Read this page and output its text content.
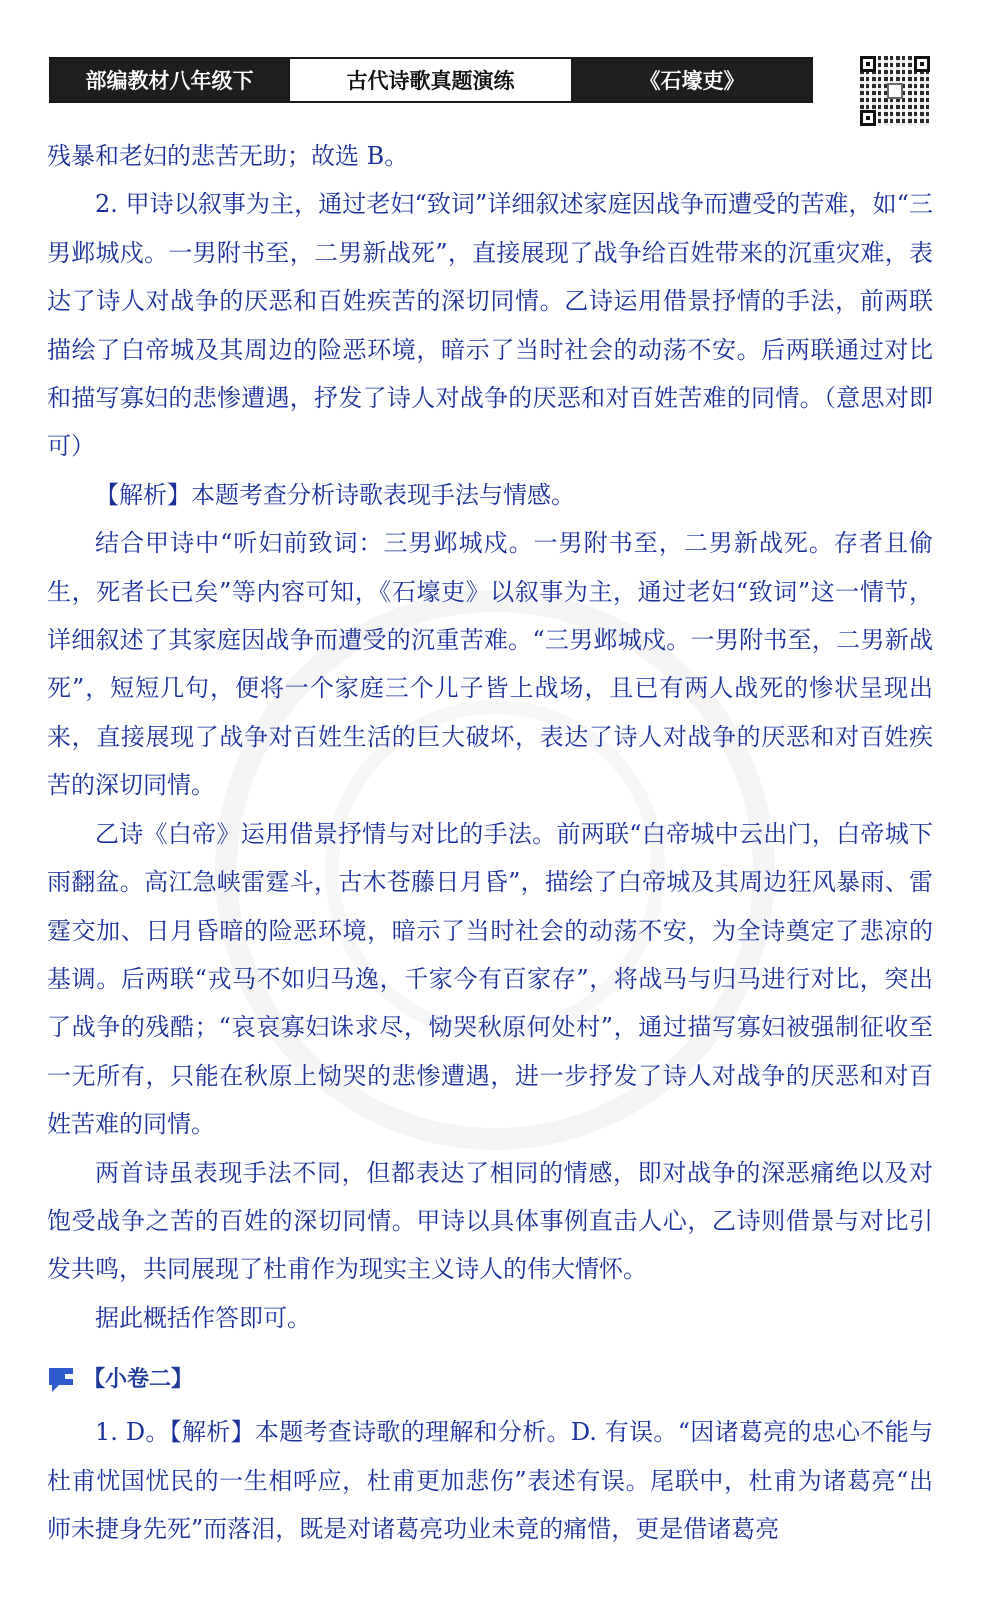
部编教材八年级下	古代诗歌真题演练	《石壕吏》

残暴和老妇的悲苦无助；故选 B。

2. 甲诗以叙事为主，通过老妇“致词”详细叙述家庭因战争而遭受的苦难，如“三男邺城戍。一男附书至，二男新战死”，直接展现了战争给百姓带来的沉重灾难，表达了诗人对战争的厌恶和百姓疾苦的深切同情。乙诗运用借景抒情的手法，前两联描绘了白帝城及其周边的险恶环境，暗示了当时社会的动荡不安。后两联通过对比和描写寡妇的悲惨遭遇，抒发了诗人对战争的厌恶和对百姓苦难的同情。（意思对即可）

【解析】本题考查分析诗歌表现手法与情感。

结合甲诗中“听妇前致词：三男邺城戍。一男附书至，二男新战死。存者且偷生，死者长已矣”等内容可知，《石壕吏》以叙事为主，通过老妇“致词”这一情节，详细叙述了其家庭因战争而遭受的沉重苦难。“三男邺城戍。一男附书至，二男新战死”，短短几句，便将一个家庭三个儿子皆上战场，且已有两人战死的惨状呈现出来，直接展现了战争对百姓生活的巨大破坏，表达了诗人对战争的厌恶和对百姓疾苦的深切同情。

乙诗《白帝》运用借景抒情与对比的手法。前两联“白帝城中云出门，白帝城下雨翻盆。高江急峡雷霆斗，古木苍藤日月昏”，描绘了白帝城及其周边狂风暴雨、雷霆交加、日月昏暗的险恶环境，暗示了当时社会的动荡不安，为全诗奠定了悲凉的基调。后两联“戎马不如归马逸，千家今有百家存”，将战马与归马进行对比，突出了战争的残酷；“哀哀寡妇诛求尽，恸哭秋原何处村”，通过描写寡妇被强制征收至一无所有，只能在秋原上恸哭的悲惨遭遇，进一步抒发了诗人对战争的厌恶和对百姓苦难的同情。

两首诗虽表现手法不同，但都表达了相同的情感，即对战争的深恶痛绝以及对饱受战争之苦的百姓的深切同情。甲诗以具体事例直击人心，乙诗则借景与对比引发共鸣，共同展现了杜甫作为现实主义诗人的伟大情怀。

据此概括作答即可。

【小卷二】

1. D。【解析】本题考查诗歌的理解和分析。D. 有误。“因诸葛亮的忠心不能与杜甫忧国忧民的一生相呼应，杜甫更加悲伤”表述有误。尾联中，杜甫为诸葛亮“出师未捷身先死”而落泪，既是对诸葛亮功业未竟的痛惜，更是借诸葛亮
